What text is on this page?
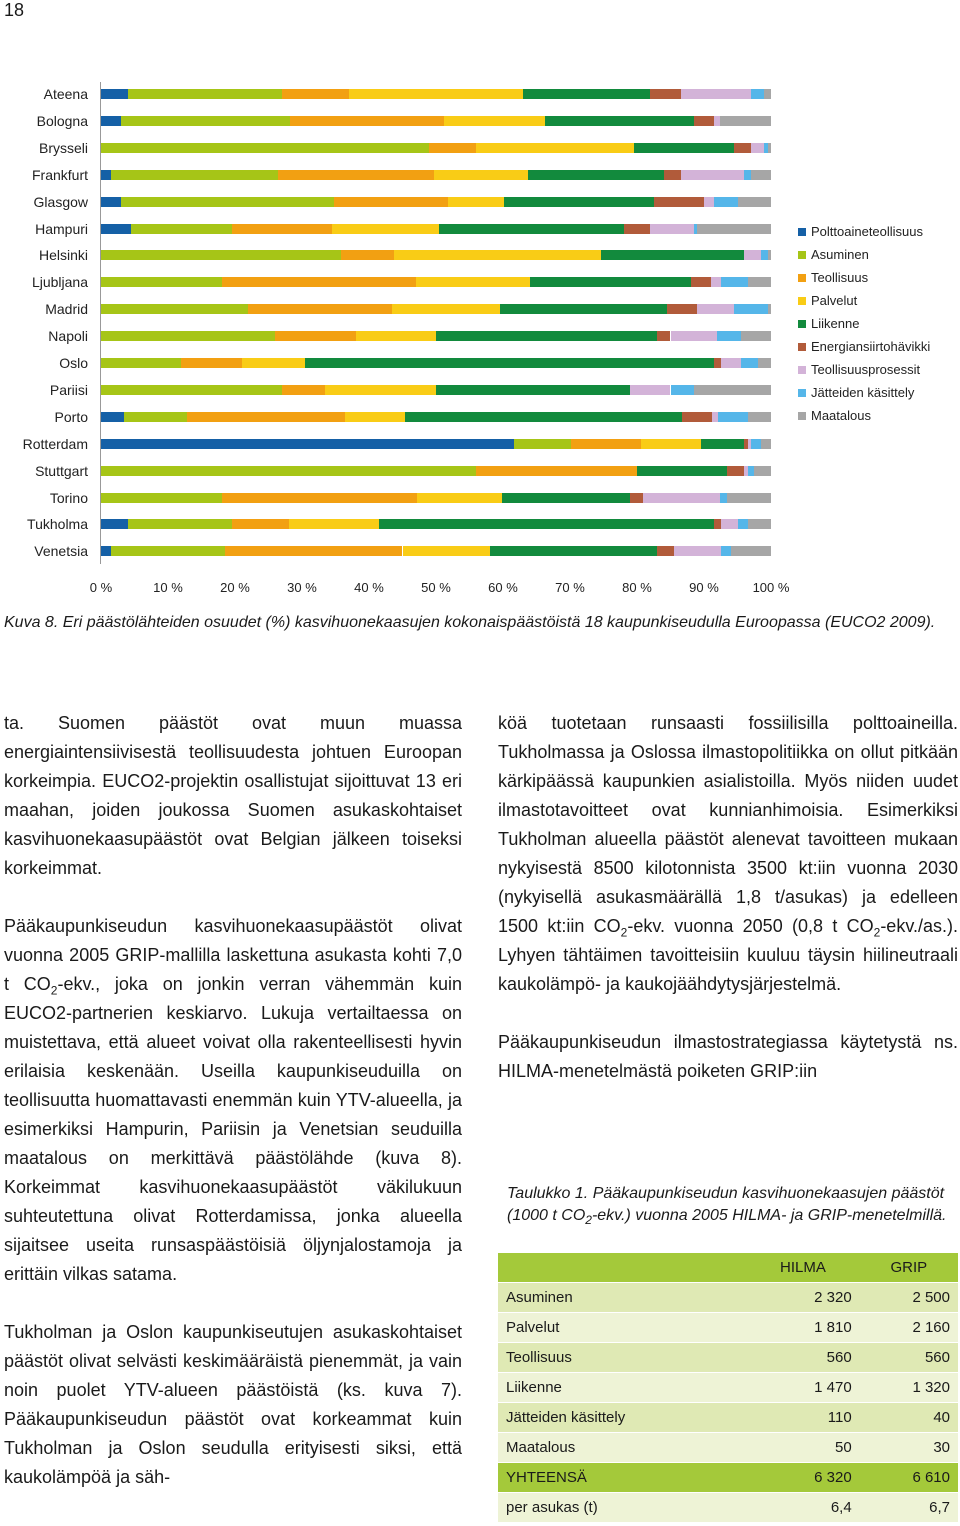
18
Ateena
Bologna
Brysseli
Frankfurt
Glasgow
Hampuri
Helsinki
Ljubljana
Madrid
Napoli
Oslo
Pariisi
Porto
Rotterdam
Stuttgart
Torino
Tukholma
Venetsia
0 %	10 %	20 %	30 %	40 %	50 %	60 %	70 %	80 %	90 %	100 %
Polttoaineteollisuus
Asuminen
Teollisuus
Palvelut
Liikenne
Energiansiirtohävikki
Teollisuusprosessit
Jätteiden käsittely
Maatalous
Kuva 8. Eri päästölähteiden osuudet (%) kasvihuonekaasujen kokonaispäästöistä 18 kaupunkiseudulla Euroopassa (EUCO2 2009).

ta. Suomen päästöt ovat muun muassa energiaintensiivisestä teollisuudesta johtuen Euroopan korkeimpia. EUCO2-projektin osallistujat sijoittuvat 13 eri maahan, joiden joukossa Suomen asukaskohtaiset kasvihuonekaasupäästöt ovat Belgian jälkeen toiseksi korkeimmat.

Pääkaupunkiseudun kasvihuonekaasupäästöt olivat vuonna 2005 GRIP-mallilla laskettuna asukasta kohti 7,0 t $CO_2$-ekv., joka on jonkin verran vähemmän kuin EUCO2-partnerien keskiarvo. Lukuja vertailtaessa on muistettava, että alueet voivat olla rakenteellisesti hyvin erilaisia keskenään. Useilla kaupunkiseuduilla on teollisuutta huomattavasti enemmän kuin YTV-alueella, ja esimerkiksi Hampurin, Pariisin ja Venetsian seuduilla maatalous on merkittävä päästölähde (kuva 8). Korkeimmat kasvihuonekaasupäästöt väkilukuun suhteutettuna olivat Rotterdamissa, jonka alueella sijaitsee useita runsaspäästöisiä öljynjalostamoja ja erittäin vilkas satama.

Tukholman ja Oslon kaupunkiseutujen asukaskohtaiset päästöt olivat selvästi keskimääräistä pienemmät, ja vain noin puolet YTV-alueen päästöistä (ks. kuva 7). Pääkaupunkiseudun päästöt ovat korkeammat kuin Tukholman ja Oslon seudulla erityisesti siksi, että kaukolämpöä ja säh-

köä tuotetaan runsaasti fossiilisilla polttoaineilla. Tukholmassa ja Oslossa ilmastopolitiikka on ollut pitkään kärkipäässä kaupunkien asialistoilla. Myös niiden uudet ilmastotavoitteet ovat kunnianhimoisia. Esimerkiksi Tukholman alueella päästöt alenevat tavoitteen mukaan nykyisestä 8500 kilotonnista 3500 kt:iin vuonna 2030 (nykyisellä asukasmäärällä 1,8 t/asukas) ja edelleen 1500 kt:iin $CO_2$-ekv. vuonna 2050 (0,8 t $CO_2-ekv./as$.). Lyhyen tähtäimen tavoitteisiin kuuluu täysin hiilineutraali kaukolämpö- ja kaukojäähdytysjärjestelmä.

Pääkaupunkiseudun ilmastostrategiassa käytetystä ns. HILMA-menetelmästä poiketen GRIP:iin

Taulukko 1. Pääkaupunkiseudun kasvihuonekaasujen päästöt (1000 t $CO_2-ekv$.) vuonna 2005 HILMA- ja GRIP-menetelmillä.
	HILMA	GRIP
Asuminen	2 320	2 500
Palvelut	1 810	2 160
Teollisuus	560	560
Liikenne	1 470	1 320
Jätteiden käsittely	110	40
Maatalous	50	30
YHTEENSÄ	6 320	6 610
per asukas (t)	6,4	6,7
